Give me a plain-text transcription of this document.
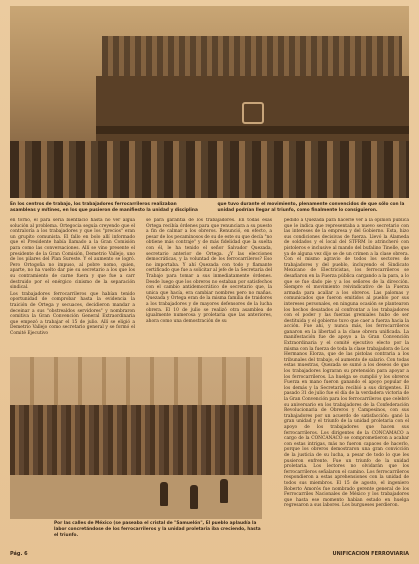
En los centros de trabajo, los trabajadores ferrocarrileros realizaban asambleas y mítines, en los que pusieron de manifiesto la unidad y disciplina
que tuvo durante el movimiento, plenamente convencidos de que sólo con la unidad podrían llegar al triunfo, como finalmente lo consiguieron.

en torno, el para sería bienflacio hasta no ver algúa solución al problema. Ortegocia seguía creyendo que el contraloría a los trabajadores y que los "precios" eran un grupito comunista. El fallo en bolo allí informado que el Presidente había llamado a la Gran Comisión para como las conversaciones. Allí se vino presente el presidente de la Gran Comisión, Demetrio Vallejo, uno de los pilares del Plan Sureste. Y el aumento se logró. Pero Ortogoña no impuso, al pobre nomo, quien, aparte, no ha vuelto dar pie su secretario a los que los su contramiento de carne fuera y que fue a carr destruido por el enérgico cinismo de la separación sindical.

Los trabajadores ferrocarrileros que habían tenido oportunidad de comprobar hasta la evidencia la traición de Ortega y secuaces, decidieron mandar a deceinar a sus "obstrealdos servidores" y nombraron comitiva la Gran Convención General Extraordinaria que empezó a trabajar el 15 de julio. Allí se eligió a Demetrio Vallejo como secretario general y se formó el Comité Ejecutivo

se para garantía de los trabajadores. En todas esas Ortega recibía órdenes para que renunciara a su puesto a fin de calmar a los obreros. Renunció, en efecto, a pesar de los pecaminosos de su de este su que decía "no obtiene más contraje" y de más fidelidad que la suelta con él, le ha tenido el señor Salvador Quezada, secretario anterior de Ortega. ¿Y las elecciones democráticas, y la voluntad de los ferrocarrileros? Eso no importaba. Y ahí Quezada con todo y flamante certificado que fue a solicitar al jefe de la Secretaría del Trabajo para tomar a sus inmediatamente órdenes. Desde luego que los obreros no estaban por satisfechos con el cambio antidemocrático de secretario que, la unica que hacía, era cambiar nombres pero no mañas. Quezada y Ortega eran de la misma familia de traidores a los trabajadores y de mayores defensores de la lucha obrera. El 10 de julio se realizó otra asamblea de igualmente numerosa y proletaria que las anteriores, ahora como una demostración de su

pedido a Quezada para hacerle ver a la opinión pública que le indica que representaba a nuevo secretario con las intereses de la empresa y del Gobierno. Esta, hizo sus condiciones decisivas de fuerza. Llevó la Alameda de soldados y el local del STFRM lo atrincheró con pistoleros e inclusive al mando del bufalino Tinelle, que ya de alguna vez dijo se de un crimen a la clase obrera. Con el mismo agravio de todos los sectores de trabajadores y del pueblo, incluyendo el Sindicato Mexicano de Electricistas, los ferrocarrileros se desafiaron en la Fuerza pública cargando a la para, a lo que se fue dado pie y a los señores de la dirección. Siempre el movimiento reivindicativo de la Fuerza armada para acallar a los obreros. Las palomas y comunicados que fueron emitidos al pueblo por sus intereses personales, en ninguna ocasión se plantearon los hechos desatados al confrontar a los trabajadores con el poder y las fuerzas gremiales hubo de ser destituida y el gobierno tuvo que caer a fuerza hacia la acción. Fue ahí, y nunca más, los ferrocarrileros ganaron en la libertad a la clase obrera unificada. La manifestación fue de apoyo a la Gran Convención Extraordinaria y el comité ejecutivo electo por la misma con la fuerza de toda la clase trabajadora de Los Hermanos Elorza, que de las pistolas contraria a los tribunales del trabajo, el aumento de salario. Con todas estas muestras, Quezada se sumó a los deseos de que los trabajadores lograran su pretensión para apoyar a los ferrocarrileros. La huelga se cumplió y los obreros Fuerza en mano fueron ganando el apoyo popular de los demás y la Secretaría recibió a sus dirigentes. El pasado 31 de julio fue el día de la verdadera victoria de la Gran Convención para los ferrocarrileros que celebró su aniversario en los trabajadores de la Confederación Revolucionaria de Obreros y Campesinos, con sus trabajadores por un acuerdo de satisfacción: ganó la gran unidad y el triunfo de la unidad proletaria con el apoyo de los trabajadores que hacen sus ferrocarrileros. Los dirigentes de la CONCAMACO a cargo de la CONCANACO se comprometieron a acabar con estas intrigas, más no fueron capaces de hacerlo, porque los obreros demostraron una gran convicción de la justicia de su lucha, a pesar de todo lo que les pusieron enfrente. Fue un triunfo de la unidad proletaria. Los lectores no olvidarán que los ferrocarrileros señalaron el camino. Los ferrocarrileros respondieron a estas aprehensiones con la unidad de todos sus miembros. El 15 de agosto, el ingeniero Roberto Amorós fue nombrado gerente general de los Ferrocarriles Nacionales de México y los trabajadores que hasta ese momento habían estado en huelga regresaron a sus labores. Los burgueses perdieron.

Por las calles de México (se paseaba el cristal de "Samuelón", El pueblo aplaudía la labor concretándose de los ferrocarrileros y la unidad proletaria iba creciendo, hasta el triunfo.
Pág. 6	UNIFICACION FERROVIARIA
